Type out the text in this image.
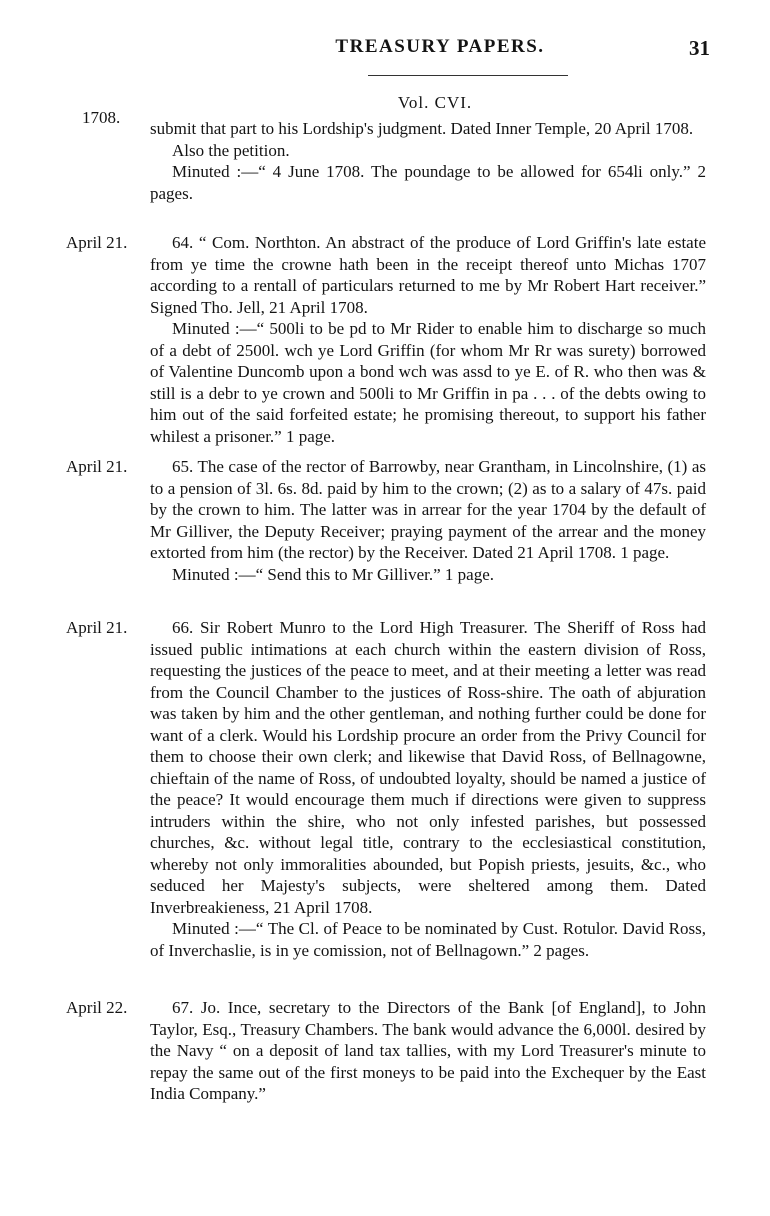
TREASURY PAPERS.	31
1708.
Vol. CVI.

submit that part to his Lordship's judgment. Dated Inner Temple, 20 April 1708.

Also the petition.

Minuted :—“ 4 June 1708. The poundage to be allowed for 654li only.” 2 pages.

April 21.	64. “ Com. Northton. An abstract of the produce of Lord Griffin's late estate from ye time the crowne hath been in the receipt thereof unto Michas 1707 according to a rentall of particulars returned to me by Mr Robert Hart receiver.” Signed Tho. Jell, 21 April 1708.

Minuted :—“ 500li to be pd to Mr Rider to enable him to discharge so much of a debt of 2500l. wch ye Lord Griffin (for whom Mr Rr was surety) borrowed of Valentine Duncomb upon a bond wch was assd to ye E. of R. who then was & still is a debr to ye crown and 500li to Mr Griffin in pa . . . of the debts owing to him out of the said forfeited estate; he promising thereout, to support his father whilest a prisoner.” 1 page.

April 21.	65. The case of the rector of Barrowby, near Grantham, in Lincolnshire, (1) as to a pension of 3l. 6s. 8d. paid by him to the crown; (2) as to a salary of 47s. paid by the crown to him. The latter was in arrear for the year 1704 by the default of Mr Gilliver, the Deputy Receiver; praying payment of the arrear and the money extorted from him (the rector) by the Receiver. Dated 21 April 1708. 1 page.

Minuted :—“ Send this to Mr Gilliver.” 1 page.

April 21.	66. Sir Robert Munro to the Lord High Treasurer. The Sheriff of Ross had issued public intimations at each church within the eastern division of Ross, requesting the justices of the peace to meet, and at their meeting a letter was read from the Council Chamber to the justices of Ross-shire. The oath of abjuration was taken by him and the other gentleman, and nothing further could be done for want of a clerk. Would his Lordship procure an order from the Privy Council for them to choose their own clerk; and likewise that David Ross, of Bellnagowne, chieftain of the name of Ross, of undoubted loyalty, should be named a justice of the peace? It would encourage them much if directions were given to suppress intruders within the shire, who not only infested parishes, but possessed churches, &c. without legal title, contrary to the ecclesiastical constitution, whereby not only immoralities abounded, but Popish priests, jesuits, &c., who seduced her Majesty's subjects, were sheltered among them. Dated Inverbreakieness, 21 April 1708.

Minuted :—“ The Cl. of Peace to be nominated by Cust. Rotulor. David Ross, of Inverchaslie, is in ye comission, not of Bellnagown.” 2 pages.

April 22.	67. Jo. Ince, secretary to the Directors of the Bank [of England], to John Taylor, Esq., Treasury Chambers. The bank would advance the 6,000l. desired by the Navy “ on a deposit of land tax tallies, with my Lord Treasurer's minute to repay the same out of the first moneys to be paid into the Exchequer by the East India Company.”
